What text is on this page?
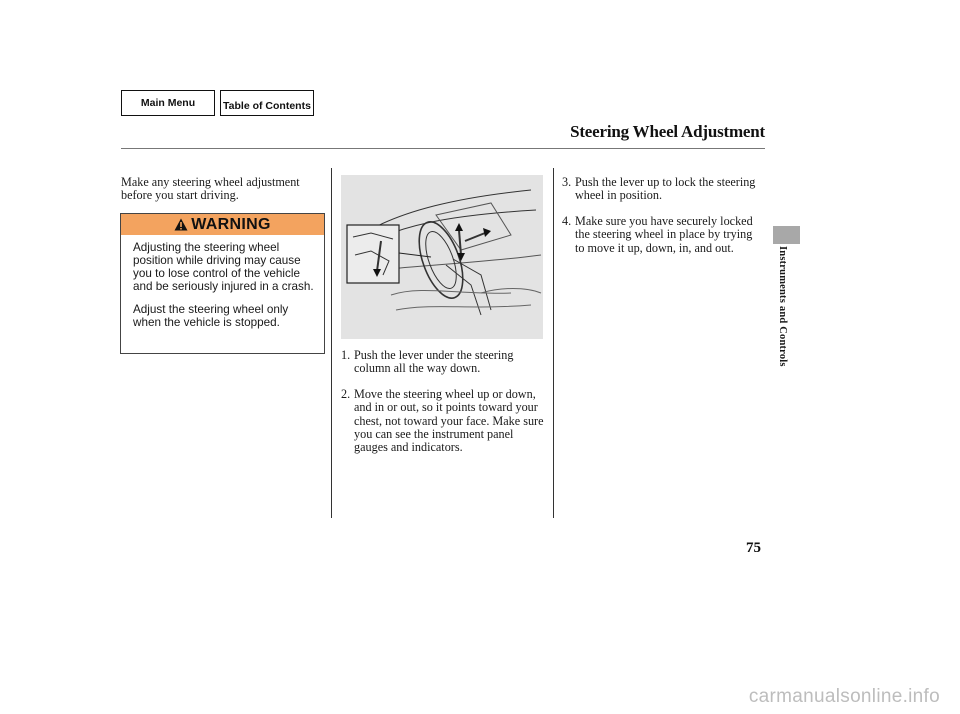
Main Menu	Table of Contents
Steering Wheel Adjustment
Instruments and Controls

Make any steering wheel adjustment before you start driving.

WARNING

Adjusting the steering wheel position while driving may cause you to lose control of the vehicle and be seriously injured in a crash.

Adjust the steering wheel only when the vehicle is stopped.

1. Push the lever under the steering column all the way down.
2. Move the steering wheel up or down, and in or out, so it points toward your chest, not toward your face. Make sure you can see the instrument panel gauges and indicators.
3. Push the lever up to lock the steering wheel in position.
4. Make sure you have securely locked the steering wheel in place by trying to move it up, down, in, and out.
75
carmanualsonline.info
